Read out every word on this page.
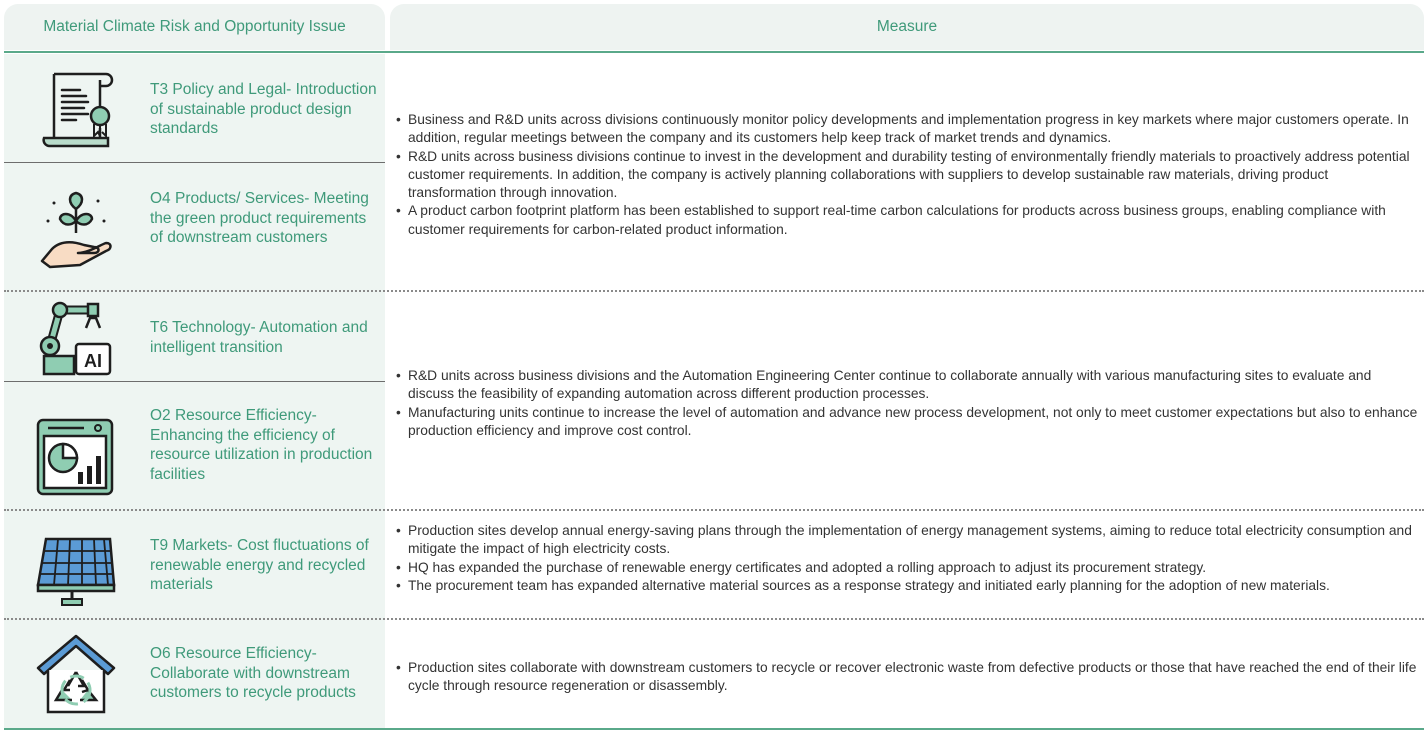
Material Climate Risk and Opportunity Issue	Measure
T3 Policy and Legal- Introduction of sustainable product design standards
O4 Products/ Services- Meeting the green product requirements of downstream customers
AI
T6 Technology- Automation and intelligent transition
O2 Resource Efficiency- Enhancing the efficiency of resource utilization in production facilities
T9 Markets- Cost fluctuations of renewable energy and recycled materials
O6 Resource Efficiency- Collaborate with downstream customers to recycle products
• Business and R&D units across divisions continuously monitor policy developments and implementation progress in key markets where major customers operate. In addition, regular meetings between the company and its customers help keep track of market trends and dynamics.
• R&D units across business divisions continue to invest in the development and durability testing of environmentally friendly materials to proactively address potential customer requirements. In addition, the company is actively planning collaborations with suppliers to develop sustainable raw materials, driving product transformation through innovation.
• A product carbon footprint platform has been established to support real-time carbon calculations for products across business groups, enabling compliance with customer requirements for carbon-related product information.
• R&D units across business divisions and the Automation Engineering Center continue to collaborate annually with various manufacturing sites to evaluate and discuss the feasibility of expanding automation across different production processes.
• Manufacturing units continue to increase the level of automation and advance new process development, not only to meet customer expectations but also to enhance production efficiency and improve cost control.
• Production sites develop annual energy-saving plans through the implementation of energy management systems, aiming to reduce total electricity consumption and mitigate the impact of high electricity costs.
• HQ has expanded the purchase of renewable energy certificates and adopted a rolling approach to adjust its procurement strategy.
• The procurement team has expanded alternative material sources as a response strategy and initiated early planning for the adoption of new materials.
• Production sites collaborate with downstream customers to recycle or recover electronic waste from defective products or those that have reached the end of their life cycle through resource regeneration or disassembly.
